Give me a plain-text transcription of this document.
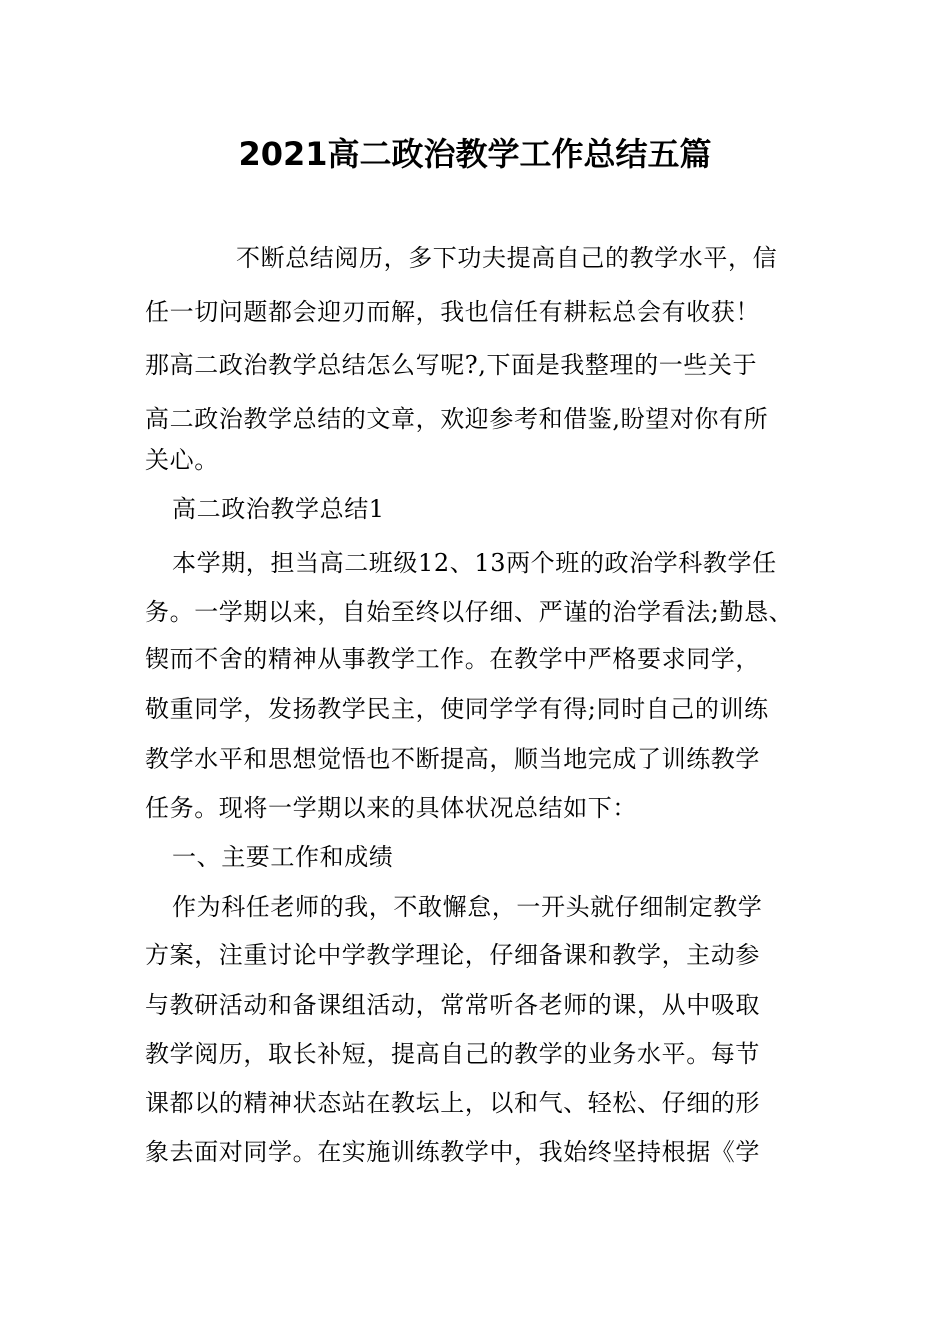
2021高二政治教学工作总结五篇
不断总结阅历，多下功夫提高自己的教学水平，信
任一切问题都会迎刃而解，我也信任有耕耘总会有收获！
那高二政治教学总结怎么写呢?,下面是我整理的一些关于
高二政治教学总结的文章，欢迎参考和借鉴,盼望对你有所
关心。
高二政治教学总结1
本学期，担当高二班级12、13两个班的政治学科教学任
务。一学期以来，自始至终以仔细、严谨的治学看法;勤恳、
锲而不舍的精神从事教学工作。在教学中严格要求同学，
敬重同学，发扬教学民主，使同学学有得;同时自己的训练
教学水平和思想觉悟也不断提高，顺当地完成了训练教学
任务。现将一学期以来的具体状况总结如下：
一、主要工作和成绩
作为科任老师的我，不敢懈怠，一开头就仔细制定教学
方案，注重讨论中学教学理论，仔细备课和教学，主动参
与教研活动和备课组活动，常常听各老师的课，从中吸取
教学阅历，取长补短，提高自己的教学的业务水平。每节
课都以的精神状态站在教坛上，以和气、轻松、仔细的形
象去面对同学。在实施训练教学中，我始终坚持根据《学
